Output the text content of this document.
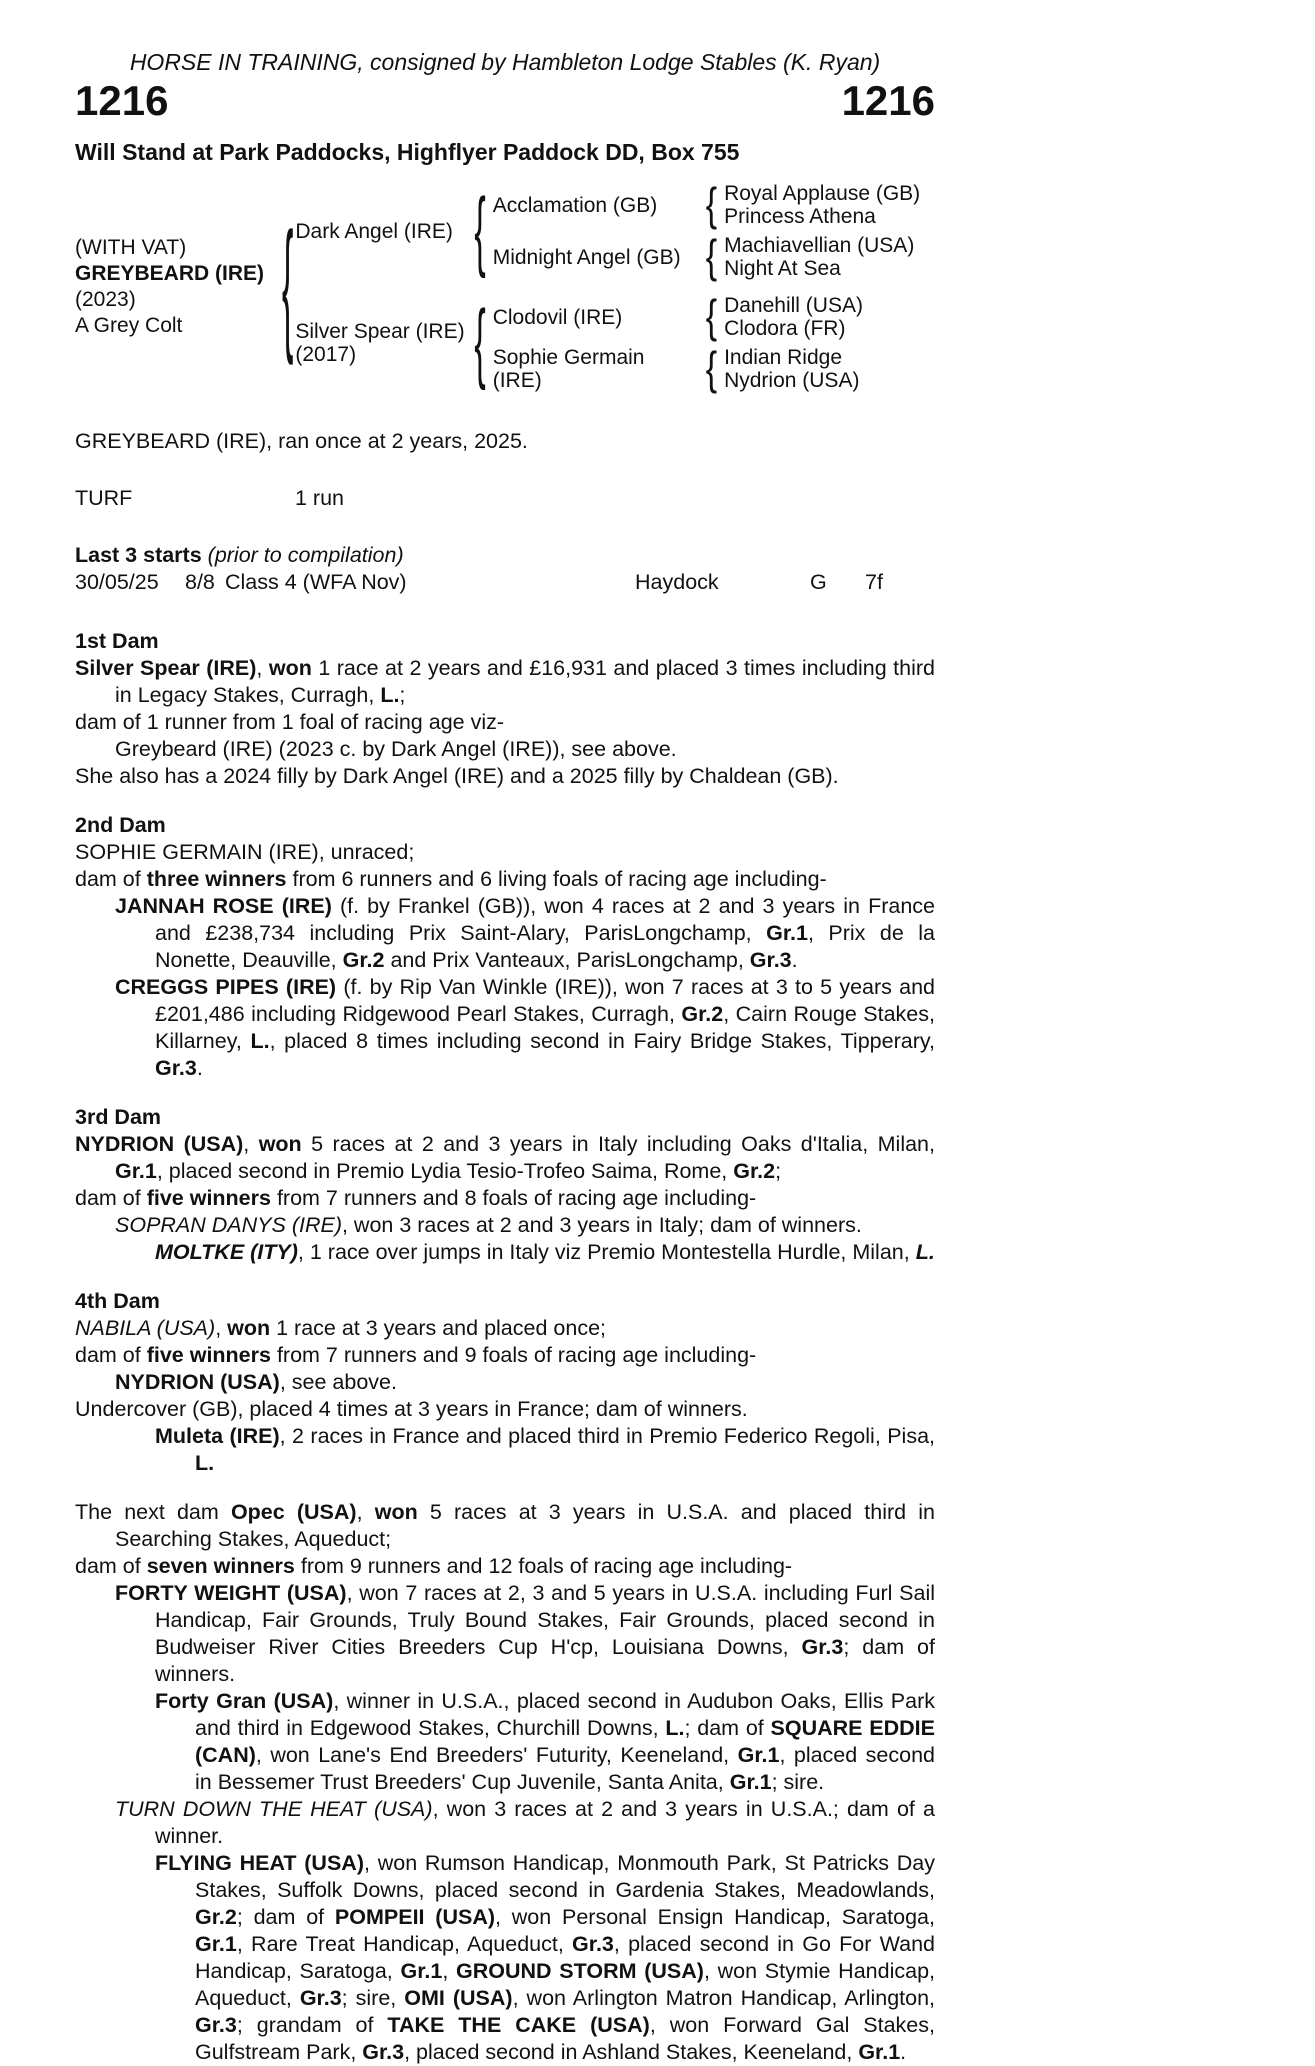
HORSE IN TRAINING, consigned by Hambleton Lodge Stables (K. Ryan)
1216	1216
Will Stand at Park Paddocks, Highflyer Paddock DD, Box 755
(WITH VAT)
GREYBEARD (IRE)
(2023)
A Grey Colt	{ Dark Angel (IRE) { Acclamation (GB)	{ Royal Applause (GB)
Princess Athena
Midnight Angel (GB) { Machiavellian (USA)
Night At Sea
Silver Spear (IRE)
(2017)	{ Clodovil (IRE)	{ Danehill (USA)
Clodora (FR)
Sophie Germain (IRE)	{ Indian Ridge
Nydrion (USA)

GREYBEARD (IRE), ran once at 2 years, 2025.

TURF	1 run
Last 3 starts (prior to compilation)
30/05/25	8/8 Class 4 (WFA Nov)	Haydock	G	7f
1st Dam

Silver Spear (IRE), won 1 race at 2 years and £16,931 and placed 3 times including third in Legacy Stakes, Curragh, L.;

dam of 1 runner from 1 foal of racing age viz-

Greybeard (IRE) (2023 c. by Dark Angel (IRE)), see above.

She also has a 2024 filly by Dark Angel (IRE) and a 2025 filly by Chaldean (GB).

2nd Dam

SOPHIE GERMAIN (IRE), unraced;

dam of three winners from 6 runners and 6 living foals of racing age including-

JANNAH ROSE (IRE) (f. by Frankel (GB)), won 4 races at 2 and 3 years in France and £238,734 including Prix Saint-Alary, ParisLongchamp, Gr.1, Prix de la Nonette, Deauville, Gr.2 and Prix Vanteaux, ParisLongchamp, Gr.3.

CREGGS PIPES (IRE) (f. by Rip Van Winkle (IRE)), won 7 races at 3 to 5 years and £201,486 including Ridgewood Pearl Stakes, Curragh, Gr.2, Cairn Rouge Stakes, Killarney, L., placed 8 times including second in Fairy Bridge Stakes, Tipperary, Gr.3.

3rd Dam

NYDRION (USA), won 5 races at 2 and 3 years in Italy including Oaks d'Italia, Milan, Gr.1, placed second in Premio Lydia Tesio-Trofeo Saima, Rome, Gr.2;

dam of five winners from 7 runners and 8 foals of racing age including-

SOPRAN DANYS (IRE), won 3 races at 2 and 3 years in Italy; dam of winners.

MOLTKE (ITY), 1 race over jumps in Italy viz Premio Montestella Hurdle, Milan, L.

4th Dam

NABILA (USA), won 1 race at 3 years and placed once;

dam of five winners from 7 runners and 9 foals of racing age including-

NYDRION (USA), see above.

Undercover (GB), placed 4 times at 3 years in France; dam of winners.

Muleta (IRE), 2 races in France and placed third in Premio Federico Regoli, Pisa, L.

The next dam Opec (USA), won 5 races at 3 years in U.S.A. and placed third in Searching Stakes, Aqueduct;

dam of seven winners from 9 runners and 12 foals of racing age including-

FORTY WEIGHT (USA), won 7 races at 2, 3 and 5 years in U.S.A. including Furl Sail Handicap, Fair Grounds, Truly Bound Stakes, Fair Grounds, placed second in Budweiser River Cities Breeders Cup H'cp, Louisiana Downs, Gr.3; dam of winners.

Forty Gran (USA), winner in U.S.A., placed second in Audubon Oaks, Ellis Park and third in Edgewood Stakes, Churchill Downs, L.; dam of SQUARE EDDIE (CAN), won Lane's End Breeders' Futurity, Keeneland, Gr.1, placed second in Bessemer Trust Breeders' Cup Juvenile, Santa Anita, Gr.1; sire.

TURN DOWN THE HEAT (USA), won 3 races at 2 and 3 years in U.S.A.; dam of a winner.

FLYING HEAT (USA), won Rumson Handicap, Monmouth Park, St Patricks Day Stakes, Suffolk Downs, placed second in Gardenia Stakes, Meadowlands, Gr.2; dam of POMPEII (USA), won Personal Ensign Handicap, Saratoga, Gr.1, Rare Treat Handicap, Aqueduct, Gr.3, placed second in Go For Wand Handicap, Saratoga, Gr.1, GROUND STORM (USA), won Stymie Handicap, Aqueduct, Gr.3; sire, OMI (USA), won Arlington Matron Handicap, Arlington, Gr.3; grandam of TAKE THE CAKE (USA), won Forward Gal Stakes, Gulfstream Park, Gr.3, placed second in Ashland Stakes, Keeneland, Gr.1.
